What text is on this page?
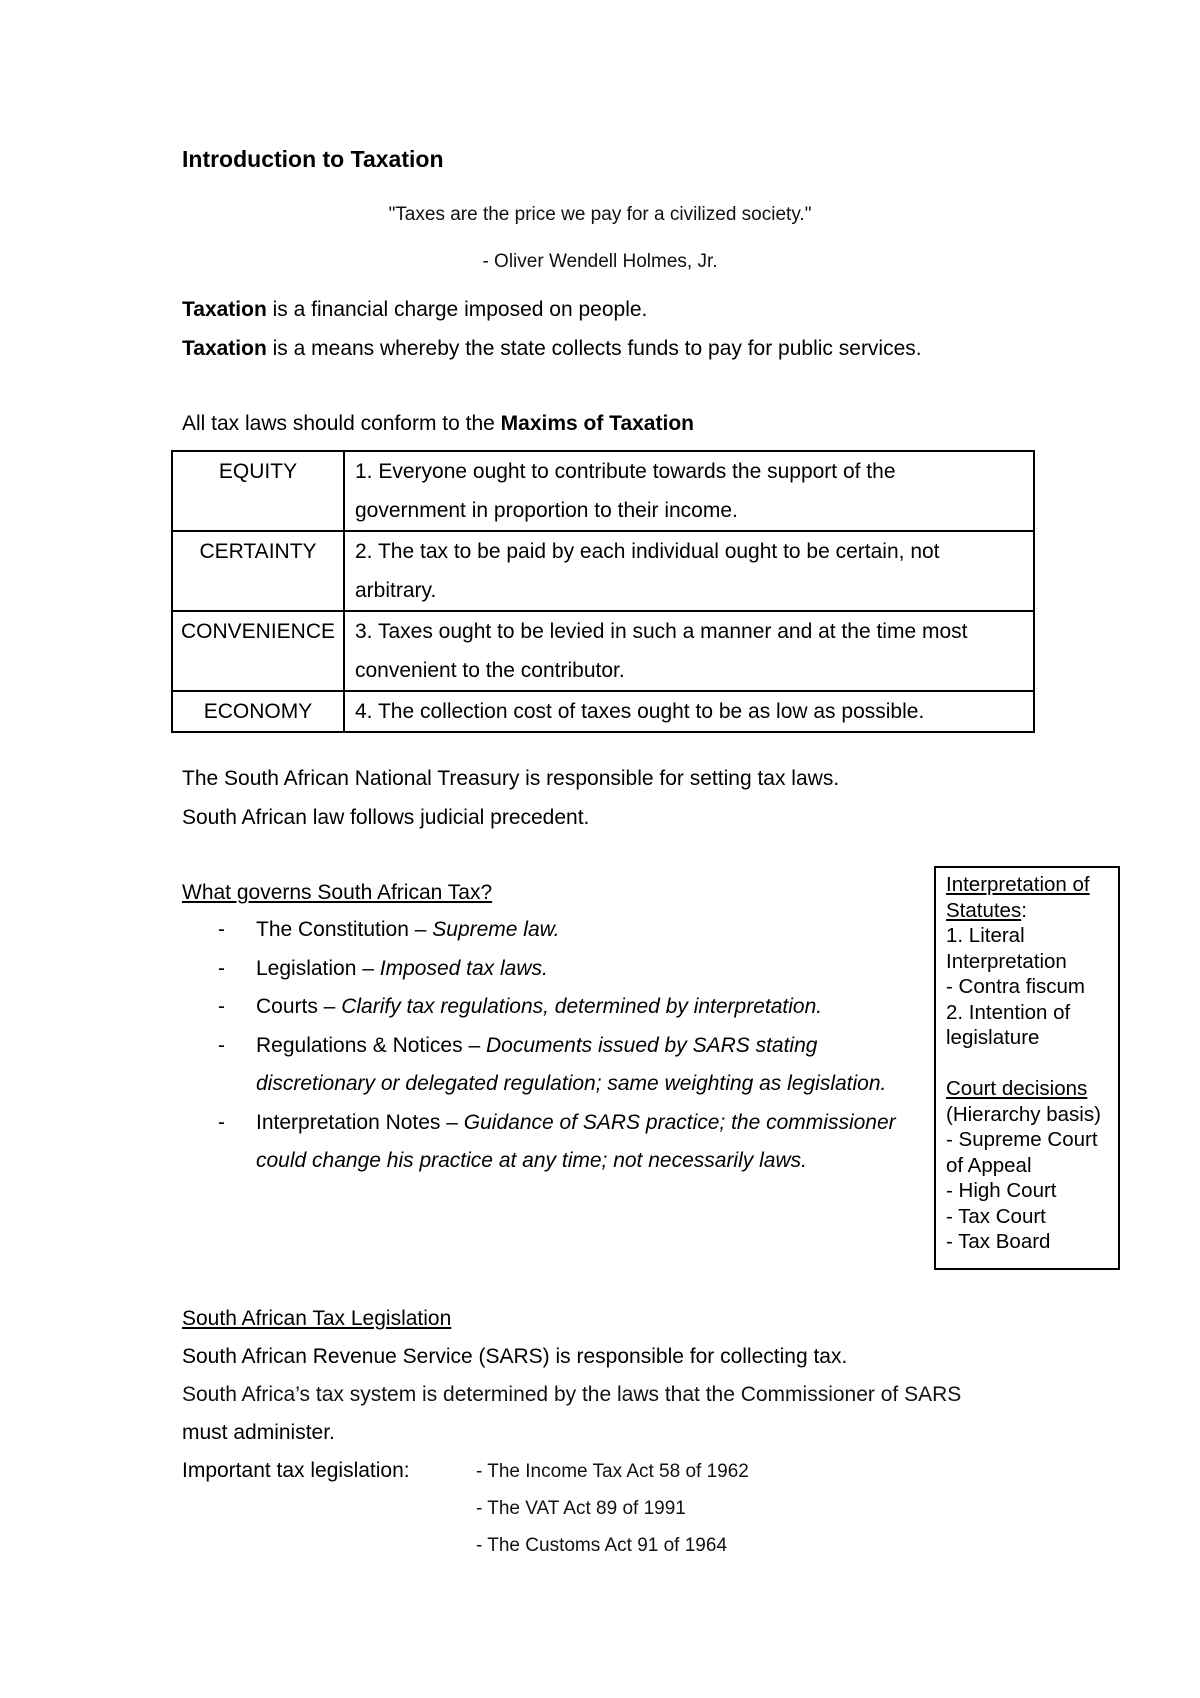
Introduction to Taxation
"Taxes are the price we pay for a civilized society."
- Oliver Wendell Holmes, Jr.
Taxation is a financial charge imposed on people.
Taxation is a means whereby the state collects funds to pay for public services.
All tax laws should conform to the Maxims of Taxation
EQUITY	1. Everyone ought to contribute towards the support of the
government in proportion to their income.

CERTAINTY	2. The tax to be paid by each individual ought to be certain, not
arbitrary.

CONVENIENCE	3. Taxes ought to be levied in such a manner and at the time most
convenient to the contributor.

ECONOMY	4. The collection cost of taxes ought to be as low as possible.
The South African National Treasury is responsible for setting tax laws.
South African law follows judicial precedent.
What governs South African Tax?
- The Constitution – Supreme law.
- Legislation – Imposed tax laws.
- Courts – Clarify tax regulations, determined by interpretation.
- Regulations & Notices – Documents issued by SARS stating discretionary or delegated regulation; same weighting as legislation.
- Interpretation Notes – Guidance of SARS practice; the commissioner could change his practice at any time; not necessarily laws.
Interpretation of
Statutes:
1. Literal
Interpretation
- Contra fiscum
2. Intention of
legislature
Court decisions
(Hierarchy basis)
- Supreme Court
of Appeal
- High Court
- Tax Court
- Tax Board
South African Tax Legislation
South African Revenue Service (SARS) is responsible for collecting tax.
South Africa’s tax system is determined by the laws that the Commissioner of SARS
must administer.
Important tax legislation:	- The Income Tax Act 58 of 1962
- The VAT Act 89 of 1991
- The Customs Act 91 of 1964
